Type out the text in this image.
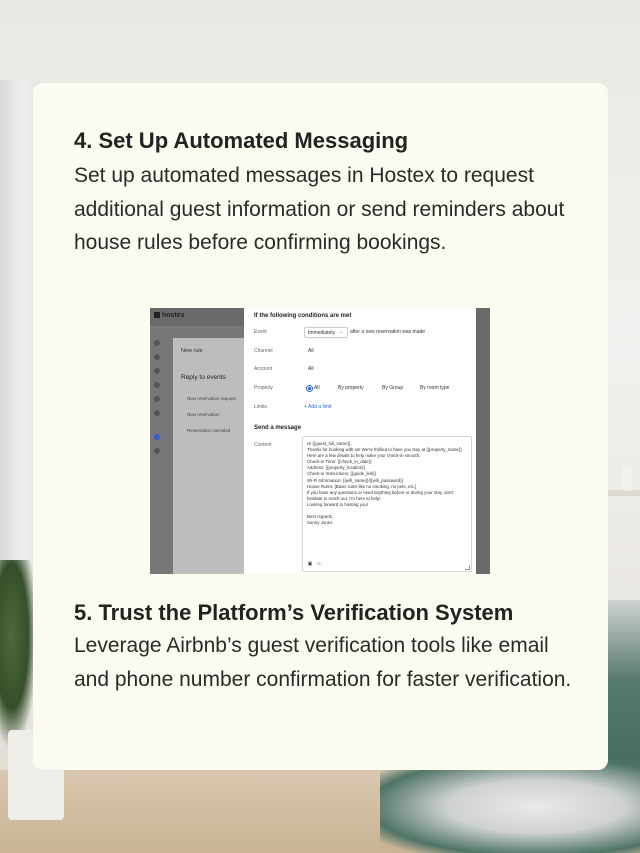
4. Set Up Automated Messaging
Set up automated messages in Hostex to request additional guest information or send reminders about house rules before confirming bookings.
hostex
New rule
Reply to events
New reservation request
New reservation
Reservation canceled
If the following conditions are met
Event	Immediately ⌄ after a new reservation was made
Channel	All
Account	All
Property	All	By property	By Group	By room type
Limits	+ Add a limit
Send a message
Content	Hi {{guest_full_name}},
Thanks for booking with us! We're thrilled to have you stay at {{property_name}}. Here are a few details to help make your check-in smooth:
Check-in Time: {{check_in_date}}
Address: {{property_location}}
Check-in Instructions: {{guide_link}}
Wi-Fi Information: {{wifi_name}}/{{wifi_password}}
House Rules: [Basic rules like no smoking, no pets, etc.]
If you have any questions or need anything before or during your stay, don't hesitate to reach out. I'm here to help!
Looking forward to hosting you!

Best regards,
Sunny Jones
▣ ‹›
5. Trust the Platform’s Verification System
Leverage Airbnb’s guest verification tools like email and phone number confirmation for faster verification.
